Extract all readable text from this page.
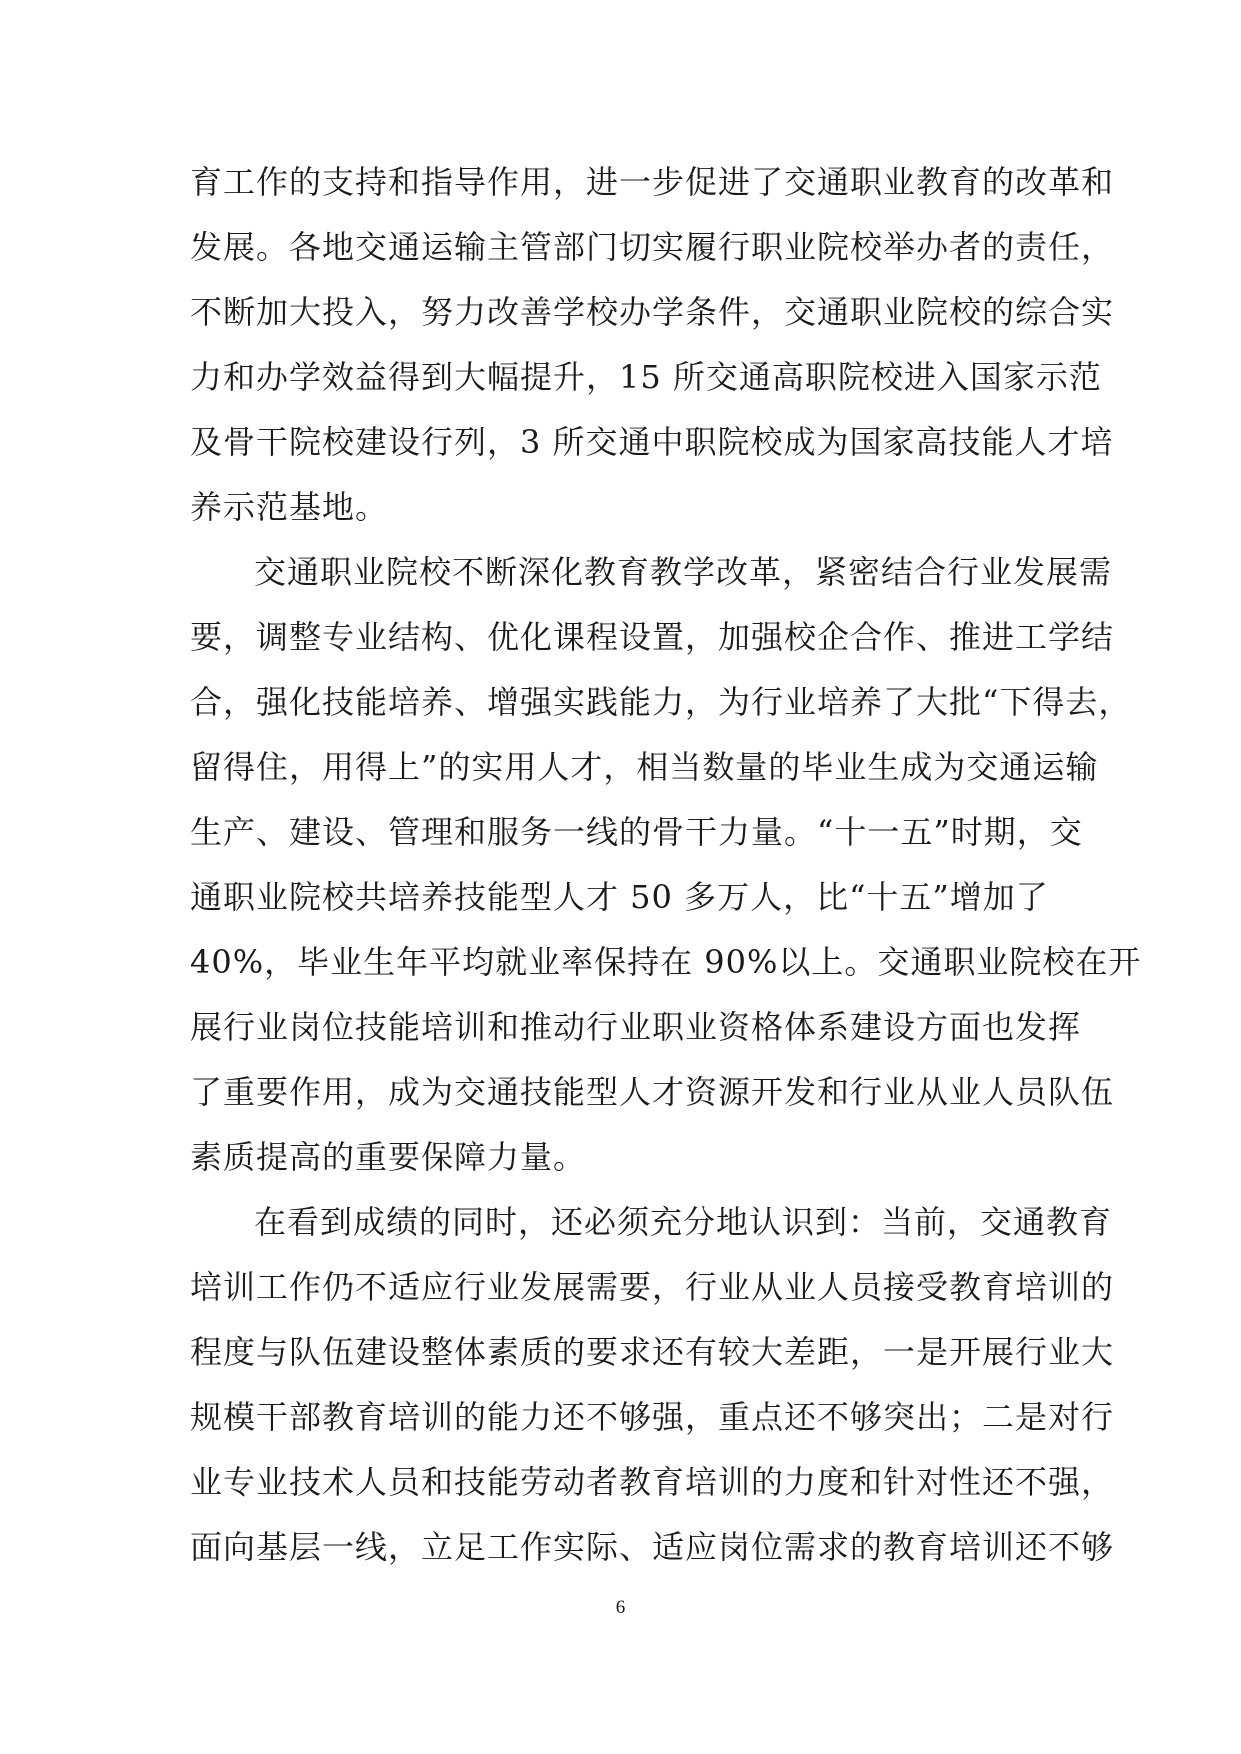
育工作的支持和指导作用，进一步促进了交通职业教育的改革和
发展。各地交通运输主管部门切实履行职业院校举办者的责任，
不断加大投入，努力改善学校办学条件，交通职业院校的综合实
力和办学效益得到大幅提升，15 所交通高职院校进入国家示范
及骨干院校建设行列，3 所交通中职院校成为国家高技能人才培
养示范基地。
交通职业院校不断深化教育教学改革，紧密结合行业发展需
要，调整专业结构、优化课程设置，加强校企合作、推进工学结
合，强化技能培养、增强实践能力，为行业培养了大批“下得去，
留得住，用得上”的实用人才，相当数量的毕业生成为交通运输
生产、建设、管理和服务一线的骨干力量。“十一五”时期，交
通职业院校共培养技能型人才 50 多万人，比“十五”增加了
40%，毕业生年平均就业率保持在 90%以上。交通职业院校在开
展行业岗位技能培训和推动行业职业资格体系建设方面也发挥
了重要作用，成为交通技能型人才资源开发和行业从业人员队伍
素质提高的重要保障力量。
在看到成绩的同时，还必须充分地认识到：当前，交通教育
培训工作仍不适应行业发展需要，行业从业人员接受教育培训的
程度与队伍建设整体素质的要求还有较大差距，一是开展行业大
规模干部教育培训的能力还不够强，重点还不够突出；二是对行
业专业技术人员和技能劳动者教育培训的力度和针对性还不强，
面向基层一线，立足工作实际、适应岗位需求的教育培训还不够
6
